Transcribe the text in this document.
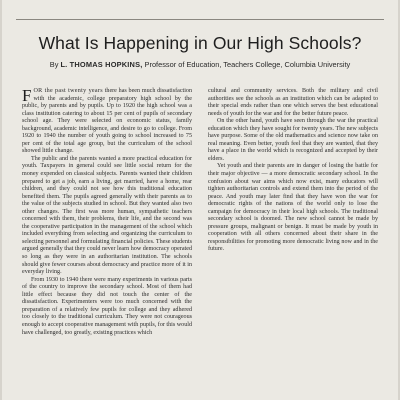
What Is Happening in Our High Schools?

By L. THOMAS HOPKINS, Professor of Education, Teachers College, Columbia University

FOR the past twenty years there has been much dissatisfaction with the academic, college preparatory high school by the public, by parents and by pupils. Up to 1920 the high school was a class institution catering to about 15 per cent of pupils of secondary school age. They were selected on economic status, family background, academic intelligence, and desire to go to college. From 1920 to 1940 the number of youth going to school increased to 75 per cent of the total age group, but the curriculum of the school showed little change.

The public and the parents wanted a more practical education for youth. Taxpayers in general could see little social return for the money expended on classical subjects. Parents wanted their children prepared to get a job, earn a living, get married, have a home, rear children, and they could not see how this traditional education benefited them. The pupils agreed generally with their parents as to the value of the subjects studied in school. But they wanted also two other changes. The first was more human, sympathetic teachers concerned with them, their problems, their life, and the second was the cooperative participation in the management of the school which included everything from selecting and organizing the curriculum to selecting personnel and formulating financial policies. These students argued generally that they could never learn how democracy operated so long as they were in an authoritarian institution. The schools should give fewer courses about democracy and practice more of it in everyday living.

From 1930 to 1940 there were many experiments in various parts of the country to improve the secondary school. Most of them had little effect because they did not touch the center of the dissatisfaction. Experimenters were too much concerned with the preparation of a relatively few pupils for college and they adhered too closely to the traditional curriculum. They were not courageous enough to accept cooperative management with pupils, for this would have challenged, too greatly, existing practices which

cultural and community services. Both the military and civil authorities see the schools as an institution which can be adapted to their special ends rather than one which serves the best educational needs of youth for the war and for the better future peace.

On the other hand, youth have seen through the war the practical education which they have sought for twenty years. The new subjects have purpose. Some of the old mathematics and science now take on real meaning. Even better, youth feel that they are wanted, that they have a place in the world which is recognized and accepted by their elders.

Yet youth and their parents are in danger of losing the battle for their major objective — a more democratic secondary school. In the confusion about war aims which now exist, many educators will tighten authoritarian controls and extend them into the period of the peace. And youth may later find that they have won the war for democratic rights of the nations of the world only to lose the campaign for democracy in their local high schools. The traditional secondary school is doomed. The new school cannot be made by pressure groups, malignant or benign. It must be made by youth in cooperation with all others concerned about their share in the responsibilities for promoting more democratic living now and in the future.
